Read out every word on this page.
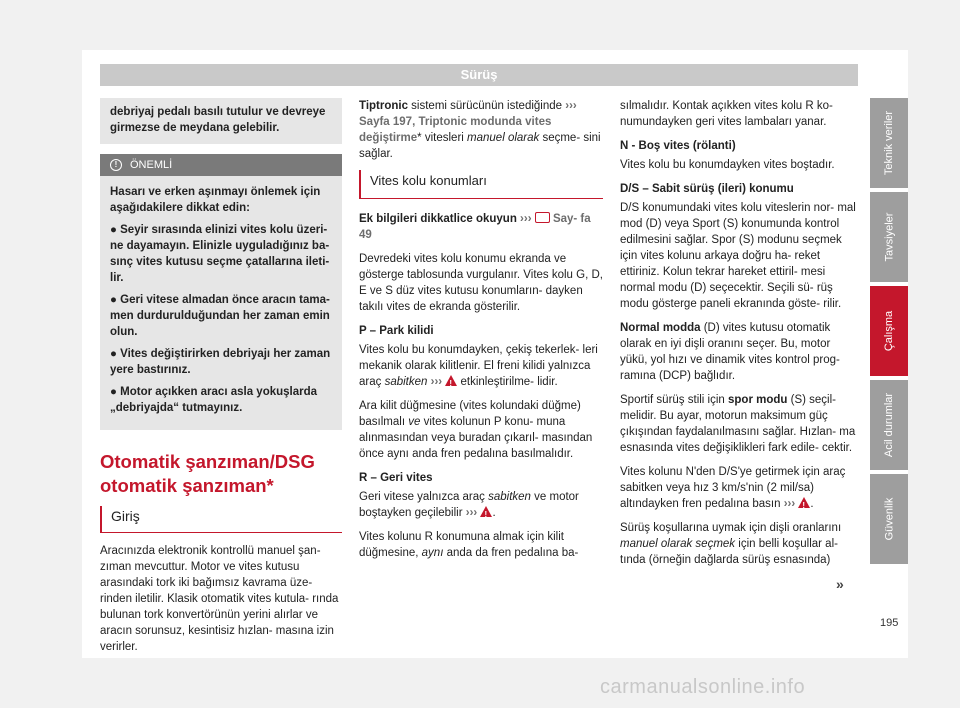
Sürüş
debriyaj pedalı basılı tutulur ve devreye girmezse de meydana gelebilir.
!	ÖNEMLİ

Hasarı ve erken aşınmayı önlemek için aşağıdakilere dikkat edin:

● Seyir sırasında elinizi vites kolu üzeri- ne dayamayın. Elinizle uyguladığınız ba- sınç vites kutusu seçme çatallarına ileti- lir.

● Geri vitese almadan önce aracın tama- men durdurulduğundan her zaman emin olun.

● Vites değiştirirken debriyajı her zaman yere bastırınız.

● Motor açıkken aracı asla yokuşlarda „debriyajda“ tutmayınız.

Otomatik şanzıman/DSG otomatik şanzıman*
Giriş

Aracınızda elektronik kontrollü manuel şan- zıman mevcuttur. Motor ve vites kutusu arasındaki tork iki bağımsız kavrama üze- rinden iletilir. Klasik otomatik vites kutula- rında bulunan tork konvertörünün yerini alırlar ve aracın sorunsuz, kesintisiz hızlan- masına izin verirler.

Tiptronic sistemi sürücünün istediğinde ››› Sayfa 197, Triptonic modunda vites değiştirme* vitesleri manuel olarak seçme- sini sağlar.

Vites kolu konumları

Ek bilgileri dikkatlice okuyun ›››  Say- fa 49

Devredeki vites kolu konumu ekranda ve gösterge tablosunda vurgulanır. Vites kolu G, D, E ve S düz vites kutusu konumların- dayken takılı vites de ekranda gösterilir.

P – Park kilidi

Vites kolu bu konumdayken, çekiş tekerlek- leri mekanik olarak kilitlenir. El freni kilidi yalnızca araç sabitken ››› ! etkinleştirilme- lidir.

Ara kilit düğmesine (vites kolundaki düğme) basılmalı ve vites kolunun P konu- muna alınmasından veya buradan çıkarıl- masından önce aynı anda fren pedalına basılmalıdır.

R – Geri vites

Geri vitese yalnızca araç sabitken ve motor boştayken geçilebilir ››› !.

Vites kolunu R konumuna almak için kilit düğmesine, aynı anda da fren pedalına ba-

sılmalıdır. Kontak açıkken vites kolu R ko- numundayken geri vites lambaları yanar.

N - Boş vites (rölanti)

Vites kolu bu konumdayken vites boştadır.

D/S – Sabit sürüş (ileri) konumu

D/S konumundaki vites kolu viteslerin nor- mal mod (D) veya Sport (S) konumunda kontrol edilmesini sağlar. Spor (S) modunu seçmek için vites kolunu arkaya doğru ha- reket ettiriniz. Kolun tekrar hareket ettiril- mesi normal modu (D) seçecektir. Seçili sü- rüş modu gösterge paneli ekranında göste- rilir.

Normal modda (D) vites kutusu otomatik olarak en iyi dişli oranını seçer. Bu, motor yükü, yol hızı ve dinamik vites kontrol prog- ramına (DCP) bağlıdır.

Sportif sürüş stili için spor modu (S) seçil- melidir. Bu ayar, motorun maksimum güç çıkışından faydalanılmasını sağlar. Hızlan- ma esnasında vites değişiklikleri fark edile- cektir.

Vites kolunu N'den D/S'ye getirmek için araç sabitken veya hız 3 km/s'nin (2 mil/sa) altındayken fren pedalına basın ››› !.

Sürüş koşullarına uymak için dişli oranlarını manuel olarak seçmek için belli koşullar al- tında (örneğin dağlarda sürüş esnasında)

»
Teknik veriler
Tavsiyeler
Çalışma
Acil durumlar
Güvenlik
195
carmanualsonline.info
